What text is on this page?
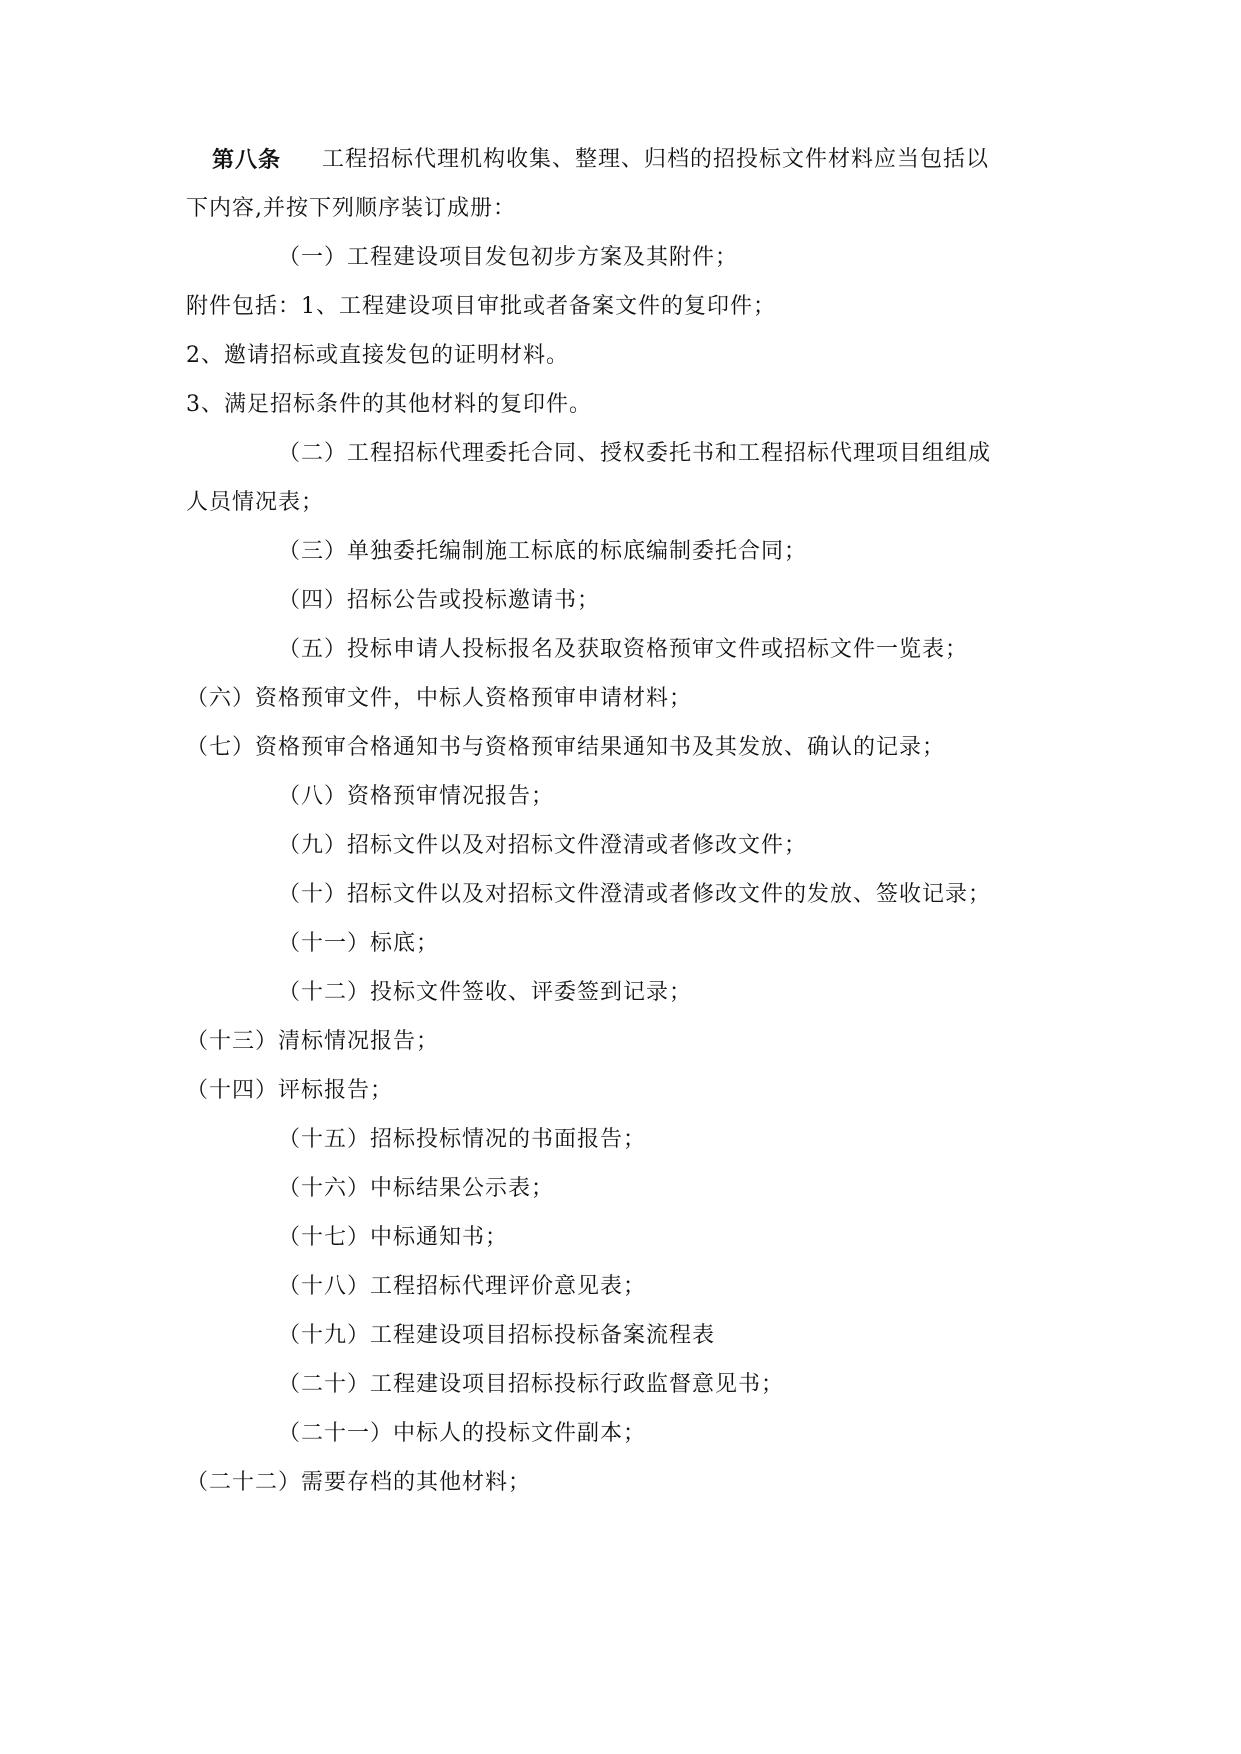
第八条 工程招标代理机构收集、整理、归档的招投标文件材料应当包括以
下内容,并按下列顺序装订成册：
（一）工程建设项目发包初步方案及其附件；
附件包括：1、工程建设项目审批或者备案文件的复印件；
2、邀请招标或直接发包的证明材料。
3、满足招标条件的其他材料的复印件。
（二）工程招标代理委托合同、授权委托书和工程招标代理项目组组成
人员情况表；
（三）单独委托编制施工标底的标底编制委托合同；
（四）招标公告或投标邀请书；
（五）投标申请人投标报名及获取资格预审文件或招标文件一览表；
（六）资格预审文件，中标人资格预审申请材料；
（七）资格预审合格通知书与资格预审结果通知书及其发放、确认的记录；
（八）资格预审情况报告；
（九）招标文件以及对招标文件澄清或者修改文件；
（十）招标文件以及对招标文件澄清或者修改文件的发放、签收记录；
（十一）标底；
（十二）投标文件签收、评委签到记录；
（十三）清标情况报告；
（十四）评标报告；
（十五）招标投标情况的书面报告；
（十六）中标结果公示表；
（十七）中标通知书；
（十八）工程招标代理评价意见表；
（十九）工程建设项目招标投标备案流程表
（二十）工程建设项目招标投标行政监督意见书；
（二十一）中标人的投标文件副本；
（二十二）需要存档的其他材料；
